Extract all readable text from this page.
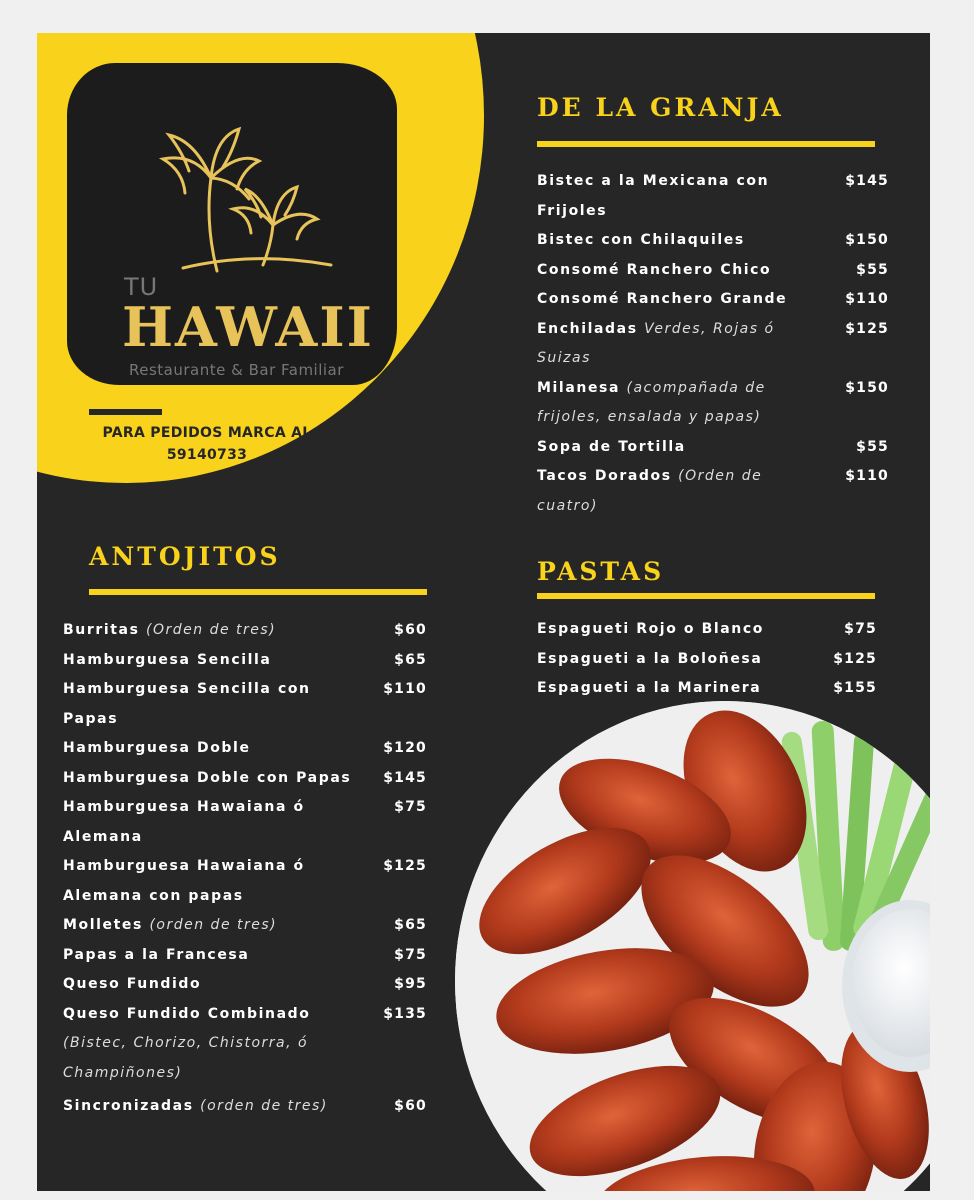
TU
HAWAII
Restaurante & Bar Familiar
PARA PEDIDOS MARCA AL
59140733
DE LA GRANJA
Bistec a la Mexicana con Frijoles
$145
Bistec con Chilaquiles	$150
Consomé Ranchero Chico	$55
Consomé Ranchero Grande	$110
Enchiladas Verdes, Rojas ó Suizas
$125
Milanesa (acompañada de frijoles, ensalada y papas)
$150
Sopa de Tortilla	$55
Tacos Dorados (Orden de cuatro)
$110
PASTAS
Espagueti Rojo o Blanco	$75
Espagueti a la Boloñesa	$125
Espagueti a la Marinera	$155
ANTOJITOS
Burritas (Orden de tres)	$60
Hamburguesa Sencilla	$65
Hamburguesa Sencilla con Papas
$110
Hamburguesa Doble	$120
Hamburguesa Doble con Papas $145
Hamburguesa Hawaiana ó Alemana
$75
Hamburguesa Hawaiana ó Alemana con papas
$125
Molletes (orden de tres)	$65
Papas a la Francesa	$75
Queso Fundido	$95
Queso Fundido Combinado (Bistec, Chorizo, Chistorra, ó Champiñones)
$135
Sincronizadas (orden de tres)	$60
